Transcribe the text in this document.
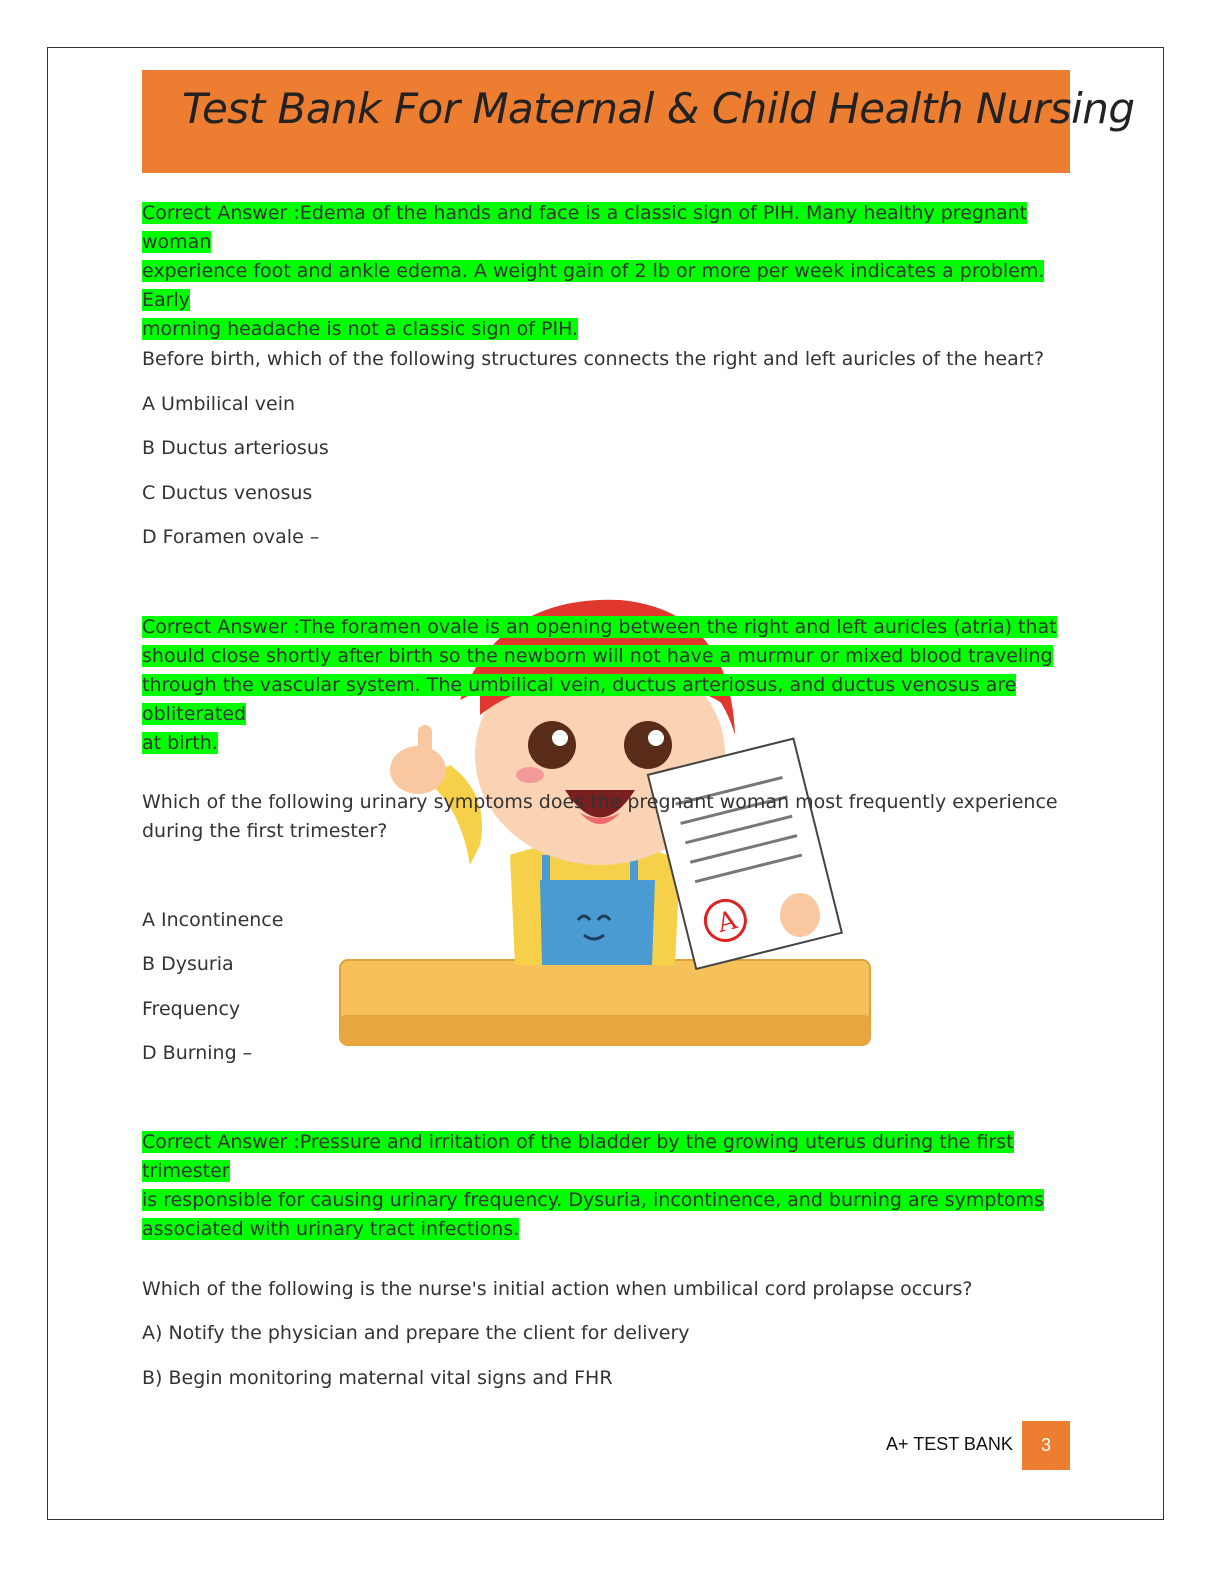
Test Bank For Maternal & Child Health Nursing
A
Correct Answer :Edema of the hands and face is a classic sign of PIH. Many healthy pregnant woman
experience foot and ankle edema. A weight gain of 2 lb or more per week indicates a problem. Early
morning headache is not a classic sign of PIH.
Before birth, which of the following structures connects the right and left auricles of the heart?
A Umbilical vein
B Ductus arteriosus
C Ductus venosus
D Foramen ovale –
Correct Answer :The foramen ovale is an opening between the right and left auricles (atria) that
should close shortly after birth so the newborn will not have a murmur or mixed blood traveling
through the vascular system. The umbilical vein, ductus arteriosus, and ductus venosus are obliterated
at birth.
Which of the following urinary symptoms does the pregnant woman most frequently experience
during the first trimester?
A Incontinence
B Dysuria
Frequency
D Burning –
Correct Answer :Pressure and irritation of the bladder by the growing uterus during the first trimester
is responsible for causing urinary frequency. Dysuria, incontinence, and burning are symptoms
associated with urinary tract infections.
Which of the following is the nurse's initial action when umbilical cord prolapse occurs?
A) Notify the physician and prepare the client for delivery
B) Begin monitoring maternal vital signs and FHR
A+ TEST BANK	3
